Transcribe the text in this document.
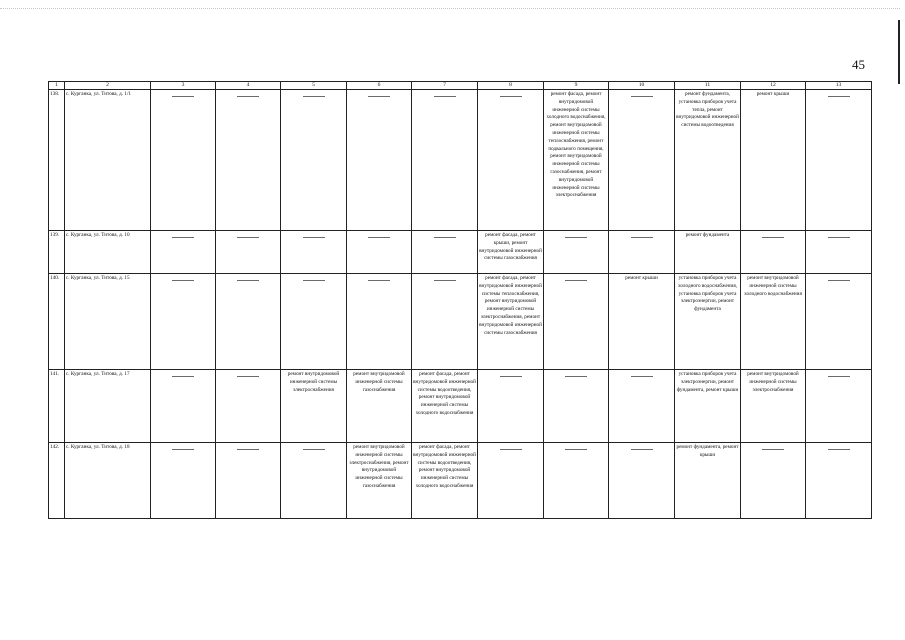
45
1	2	3	4	5	6	7	8	9	10	11	12	13
138.	с. Курганка, ул. Титова, д. 1/1							ремонт фасада, ремонт внутридомовой инженерной системы холодного водоснабжения, ремонт внутридомовой инженерной системы теплоснабжения, ремонт подвального помещения, ремонт внутридомовой инженерной системы газоснабжения, ремонт внутридомовой инженерной системы электроснабжения		ремонт фундамента, установка приборов учета тепла, ремонт внутридомовой инженерной системы водоотведения	ремонт крыши	

139.	с. Курганка, ул. Титова, д. 10						ремонт фасада, ремонт крыши, ремонт внутридомовой инженерной системы газоснабжения			ремонт фундамента	

140.	с. Курганка, ул. Титова, д. 15						ремонт фасада, ремонт внутридомовой инженерной системы теплоснабжения, ремонт внутридомовой инженерной системы электроснабжения, ремонт внутридомовой инженерной системы газоснабжения		ремонт крыши	установка приборов учета холодного водоснабжения, установка приборов учета электроэнергии, ремонт фундамента	ремонт внутридомовой инженерной системы холодного водоснабжения	

141.	с. Курганка, ул. Титова, д. 17			ремонт внутридомовой инженерной системы электроснабжения	ремонт внутридомовой инженерной системы газоснабжения	ремонт фасада, ремонт внутридомовой инженерной системы водоотведения, ремонт внутридомовой инженерной системы холодного водоснабжения				установка приборов учета электроэнергии, ремонт фундамента, ремонт крыши	ремонт внутридомовой инженерной системы электроснабжения	

142.	с. Курганка, ул. Титова, д. 18				ремонт внутридомовой инженерной системы электроснабжения, ремонт внутридомовой инженерной системы газоснабжения	ремонт фасада, ремонт внутридомовой инженерной системы водоотведения, ремонт внутридомовой инженерной системы холодного водоснабжения				ремонт фундамента, ремонт крыши	
